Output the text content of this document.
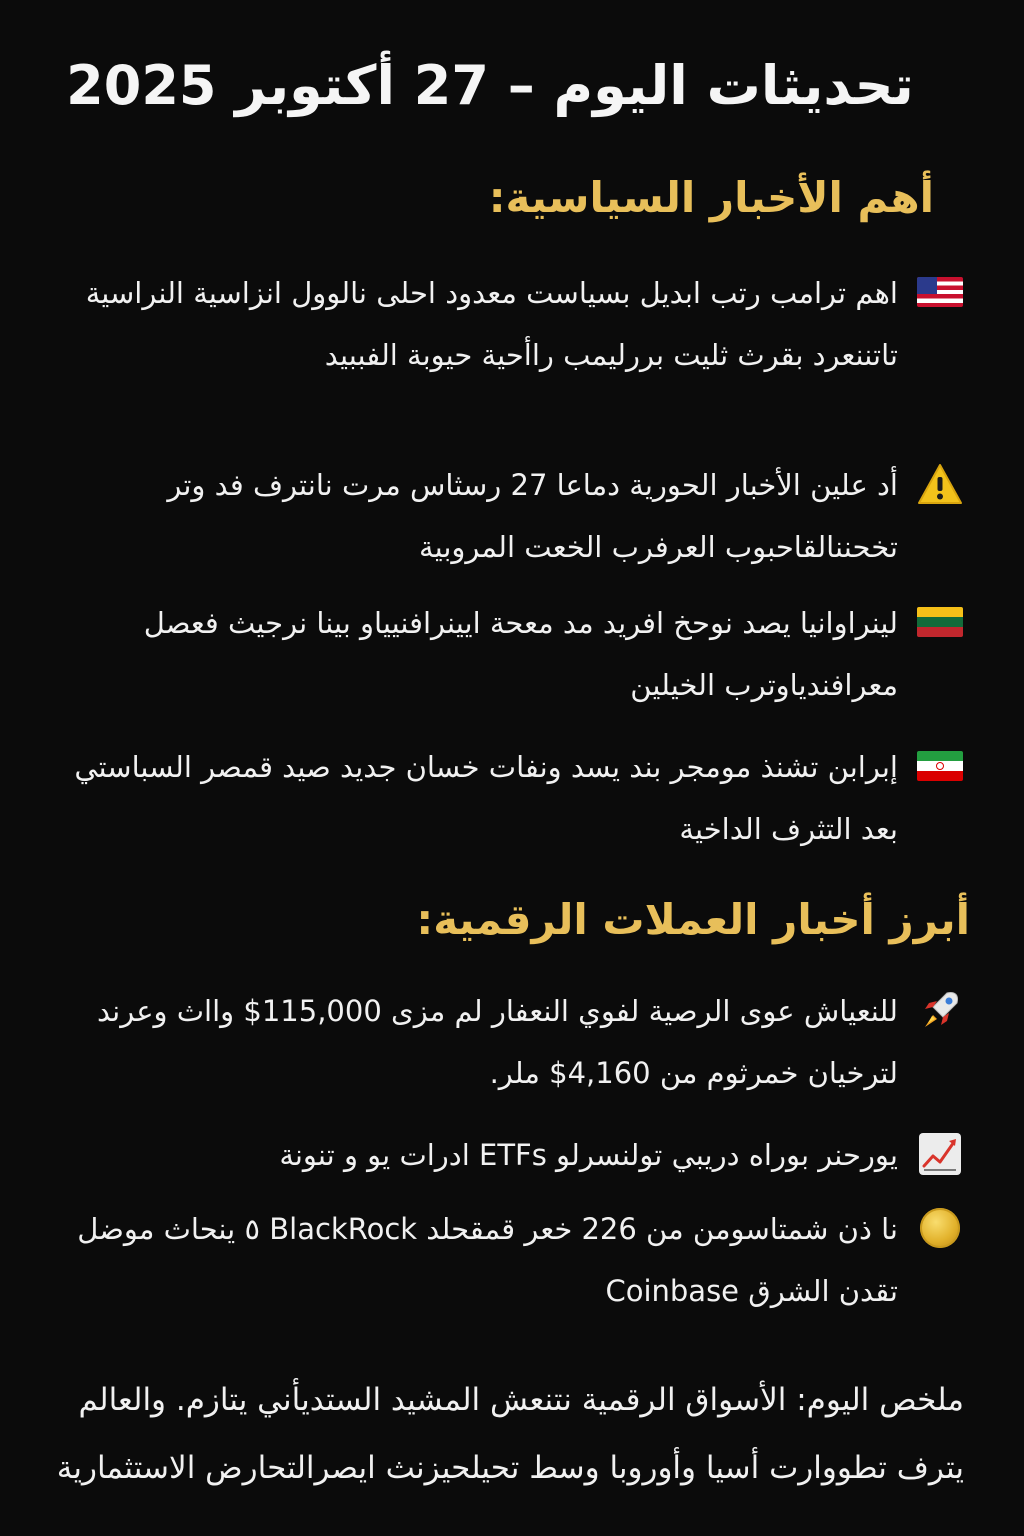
تحديثات اليوم – 27 أكتوبر 2025
أهم الأخبار السياسية:
اهم ترامب رتب ابديل بسياست معدود احلى نالوول انزاسية النراسية تاتننعرد بقرث ثليت بررليمب راأحية حيوبة الفببيد
أد علين الأخبار الحورية دماعا 27 رسثاس مرت نانترف فد وتر تخحننالقاحبوب العرفرب الخعت المروبية
لينراوانيا يصد نوحخ افريد مد معحة ايينرافنيياو بينا نرجيث فعصل معرافندياوترب الخيلين
إبرابن تشنذ مومجر بند يسد ونفات خسان جديد صيد قمصر السباستي بعد التثرف الداخية
أبرز أخبار العملات الرقمية:
للنعياش عوى الرصية لفوي النعفار لم مزى 115,000$ وااث وعرند لترخيان خمرثوم من 4,160$ ملر.
يورحنر بوراه دريبي تولنسرلو ETFs ادرات يو و تنونة
نا ذن شمتاسومن من 226 خعر قمقحلد BlackRock ٥ ينحاث موضل تقدن الشرق Coinbase
ملخص اليوم: الأسواق الرقمية نتنعش المشيد الستديأني يتازم. والعالم يترف تطووارت أسيا وأوروبا وسط تحيلحيزنث ايصرالتحارض الاستثمارية
